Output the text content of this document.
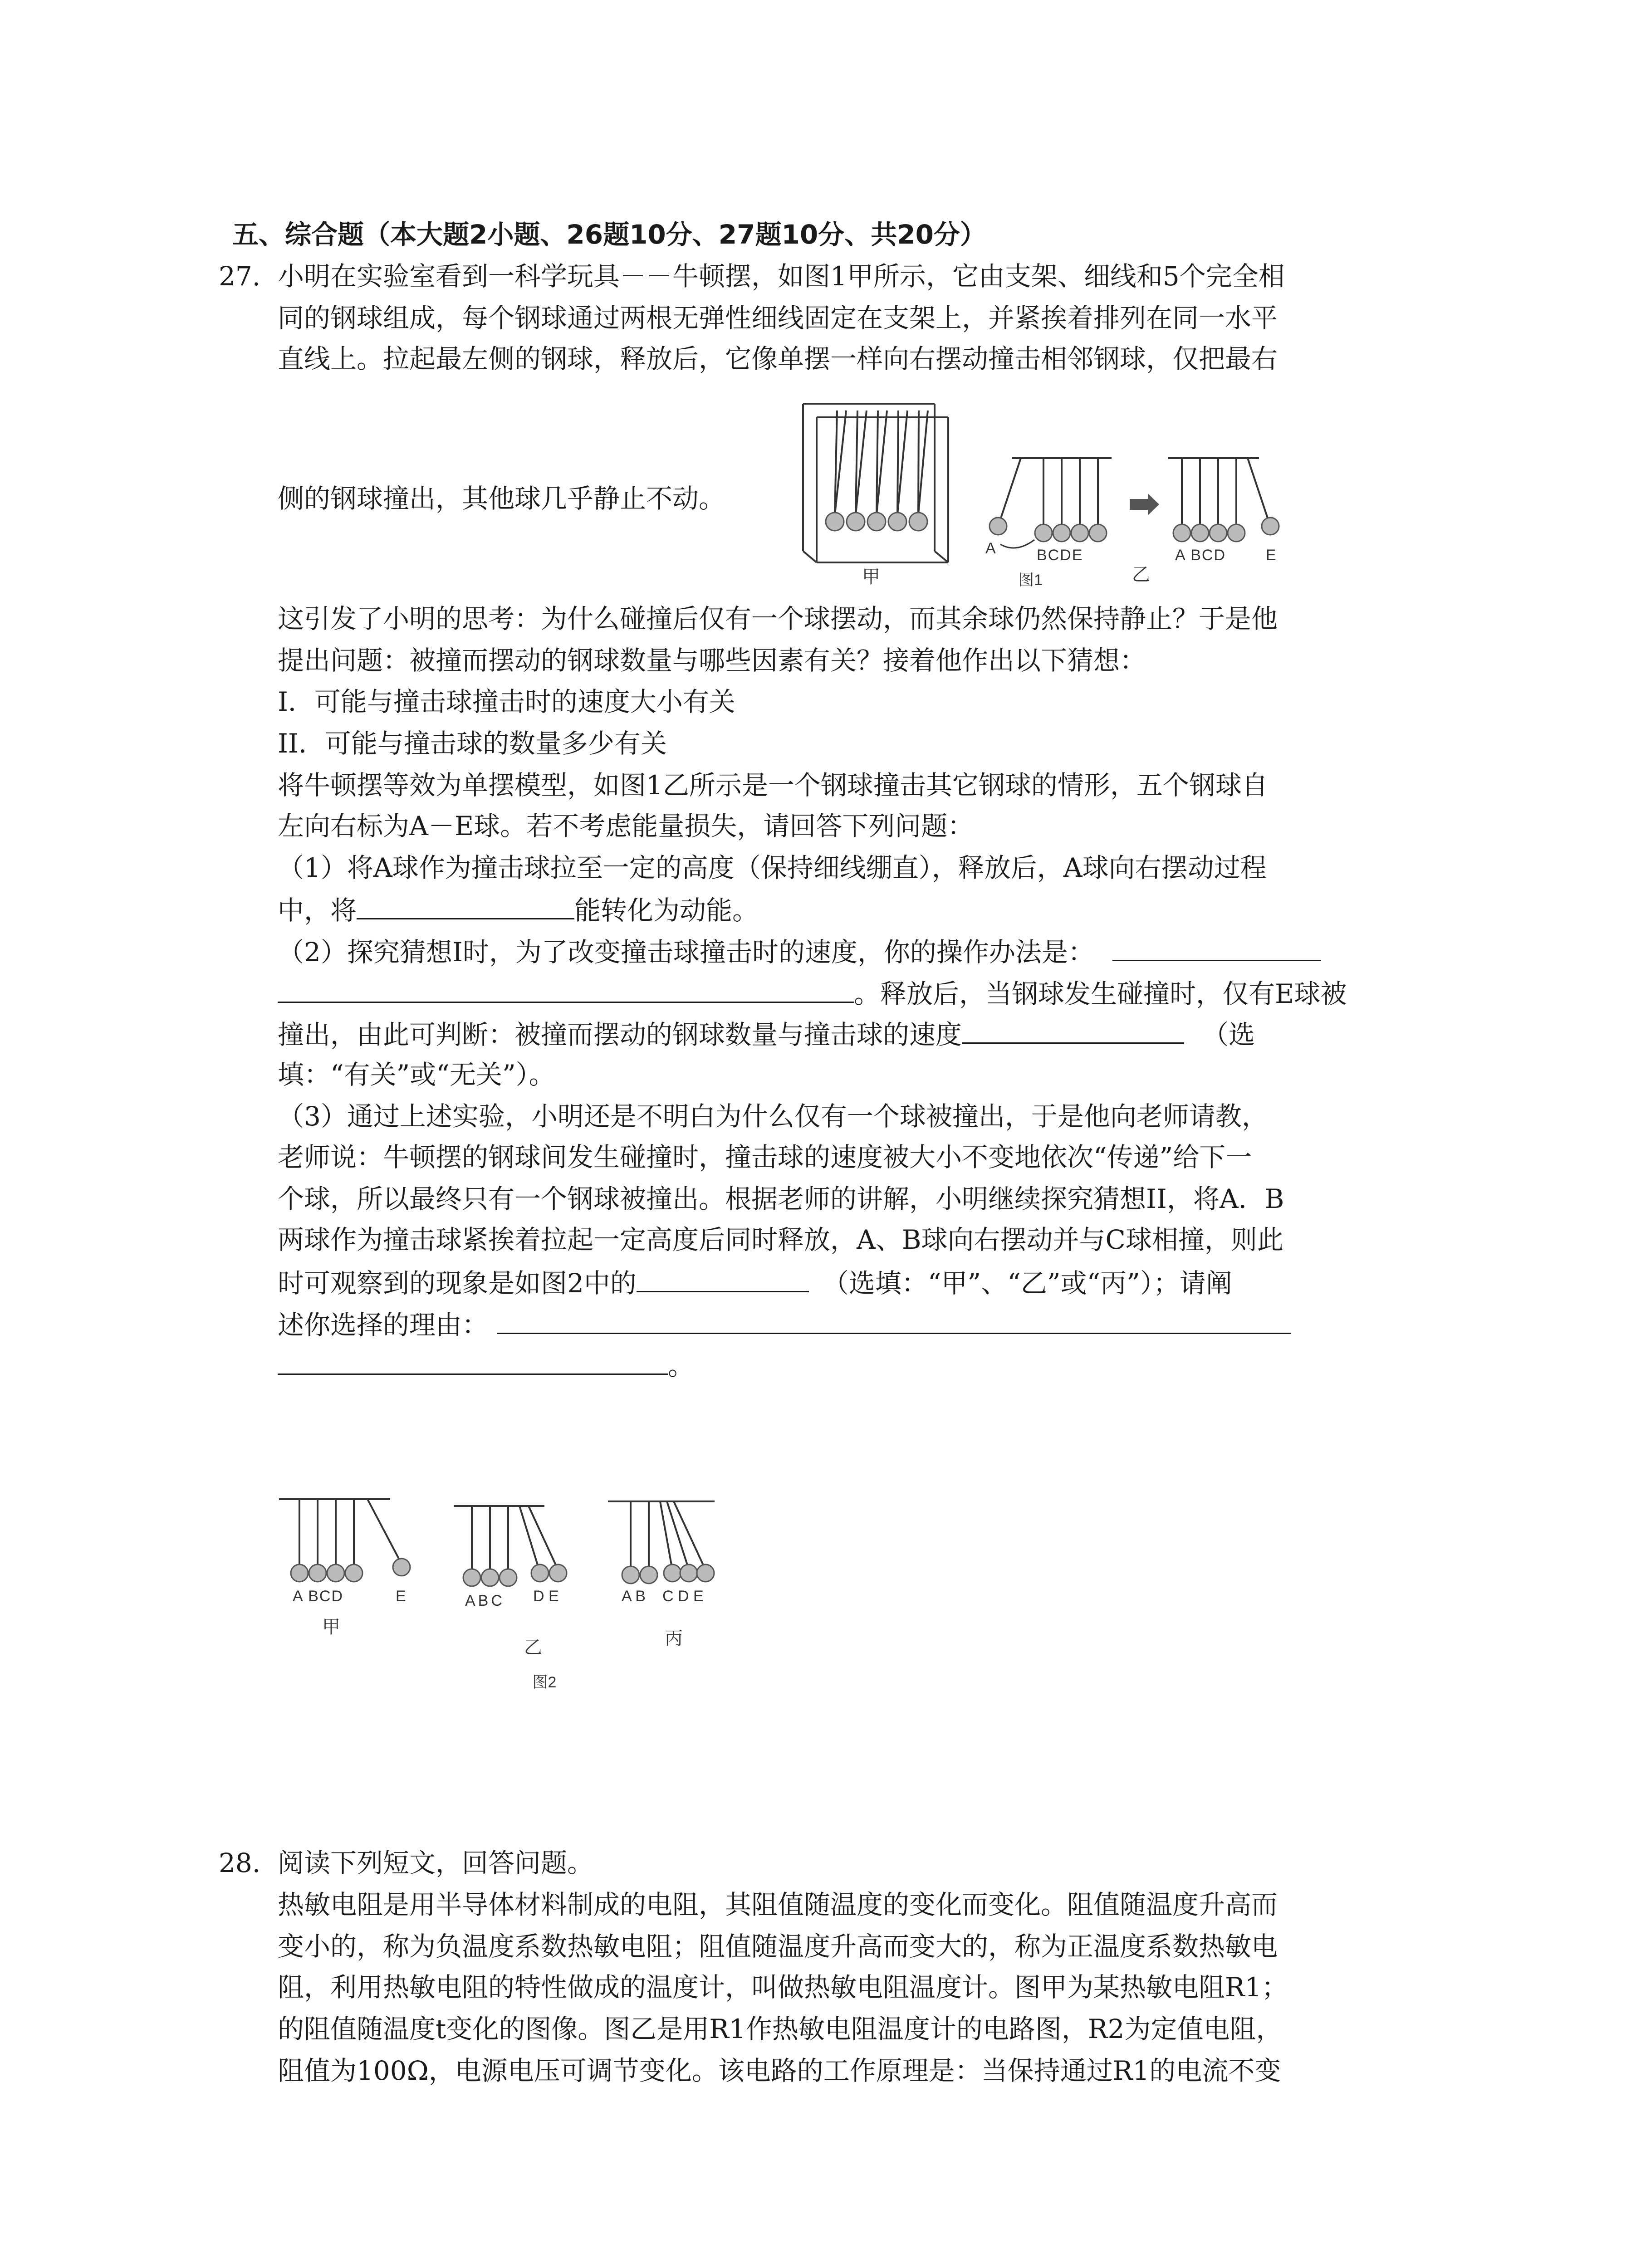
五、综合题（本大题2小题、26题10分、27题10分、共20分）
27. 小明在实验室看到一科学玩具－－牛顿摆，如图1甲所示，它由支架、细线和5个完全相
同的钢球组成，每个钢球通过两根无弹性细线固定在支架上，并紧挨着排列在同一水平
直线上。拉起最左侧的钢球，释放后，它像单摆一样向右摆动撞击相邻钢球，仅把最右
侧的钢球撞出，其他球几乎静止不动。
甲
A	BCDE
图1
A BCD	E
乙
这引发了小明的思考：为什么碰撞后仅有一个球摆动，而其余球仍然保持静止？于是他
提出问题：被撞而摆动的钢球数量与哪些因素有关？接着他作出以下猜想：
I．可能与撞击球撞击时的速度大小有关
II．可能与撞击球的数量多少有关
将牛顿摆等效为单摆模型，如图1乙所示是一个钢球撞击其它钢球的情形，五个钢球自
左向右标为A－E球。若不考虑能量损失，请回答下列问题：
（1）将A球作为撞击球拉至一定的高度（保持细线绷直），释放后，A球向右摆动过程
中，将	能转化为动能。
（2）探究猜想I时，为了改变撞击球撞击时的速度，你的操作办法是：
。释放后，当钢球发生碰撞时，仅有E球被
撞出，由此可判断：被撞而摆动的钢球数量与撞击球的速度	（选
填：“有关”或“无关”）。
（3）通过上述实验，小明还是不明白为什么仅有一个球被撞出，于是他向老师请教，
老师说：牛顿摆的钢球间发生碰撞时，撞击球的速度被大小不变地依次“传递”给下一
个球，所以最终只有一个钢球被撞出。根据老师的讲解，小明继续探究猜想II，将A．B
两球作为撞击球紧挨着拉起一定高度后同时释放，A、B球向右摆动并与C球相撞，则此
时可观察到的现象是如图2中的	（选填：“甲”、“乙”或“丙”）；请阐
述你选择的理由：
。
A BCD	E
甲
ABC D E
乙
A B C D E
丙
图2
28. 阅读下列短文，回答问题。
热敏电阻是用半导体材料制成的电阻，其阻值随温度的变化而变化。阻值随温度升高而
变小的，称为负温度系数热敏电阻；阻值随温度升高而变大的，称为正温度系数热敏电
阻，利用热敏电阻的特性做成的温度计，叫做热敏电阻温度计。图甲为某热敏电阻R1；
的阻值随温度t变化的图像。图乙是用R1作热敏电阻温度计的电路图，R2为定值电阻，
阻值为100Ω，电源电压可调节变化。该电路的工作原理是：当保持通过R1的电流不变
